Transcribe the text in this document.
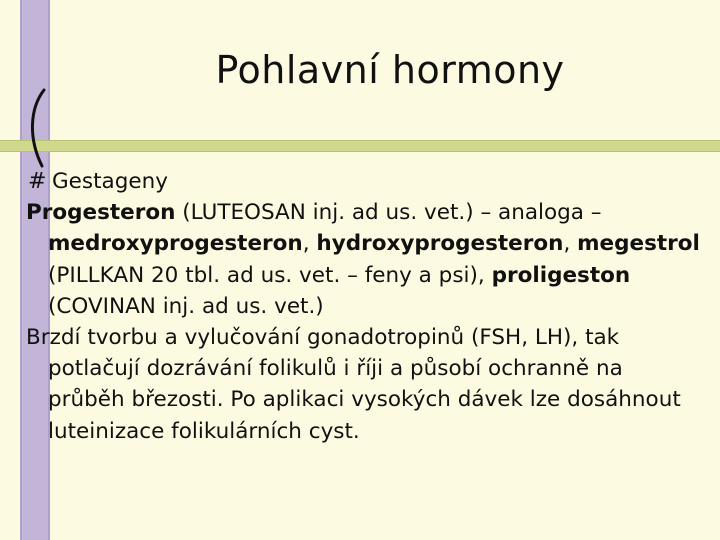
Pohlavní hormony
# Gestageny

Progesteron (LUTEOSAN inj. ad us. vet.) – analoga – medroxyprogesteron, hydroxyprogesteron, megestrol (PILLKAN 20 tbl. ad us. vet. – feny a psi), proligeston (COVINAN inj. ad us. vet.)

Brzdí tvorbu a vylučování gonadotropinů (FSH, LH), tak potlačují dozrávání folikulů i říji a působí ochranně na průběh březosti. Po aplikaci vysokých dávek lze dosáhnout luteinizace folikulárních cyst.
